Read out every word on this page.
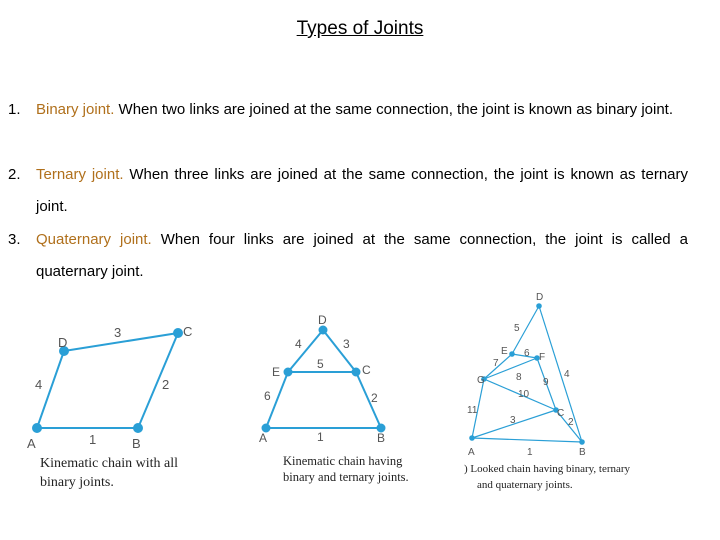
Types of Joints
1. Binary joint. When two links are joined at the same connection, the joint is known as binary joint.
2. Ternary joint. When three links are joined at the same connection, the joint is known as ternary joint.
3. Quaternary joint. When four links are joined at the same connection, the joint is called a quaternary joint.
D
C
A	B
3
4	2
1
Kinematic chain with all
binary joints.
D
E	C
A	B
4	3
5
6	2
1
Kinematic chain having
binary and ternary joints.
D
E
F
G
C
A	B
5
6
7
8 9
4
10
11
3	2
1
) Looked chain having binary, ternary
and quaternary joints.
